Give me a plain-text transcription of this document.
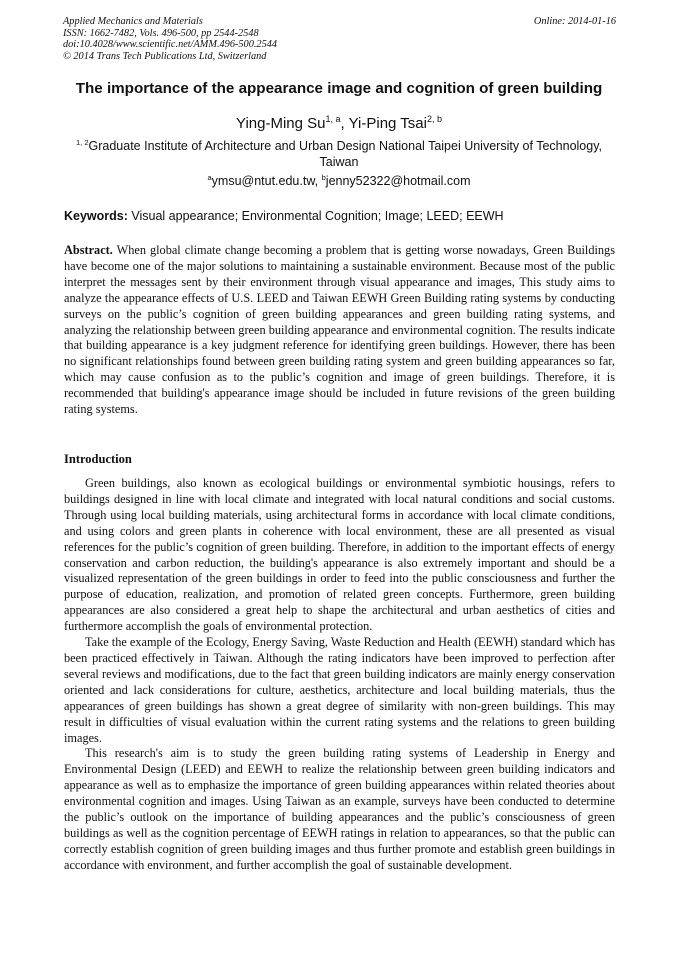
Applied Mechanics and Materials
ISSN: 1662-7482, Vols. 496-500, pp 2544-2548
doi:10.4028/www.scientific.net/AMM.496-500.2544
© 2014 Trans Tech Publications Ltd, Switzerland
Online: 2014-01-16
The importance of the appearance image and cognition of green building
Ying-Ming Su$^{1, a}$, Yi-Ping Tsai$^{2, b}$
$^{1, 2}$Graduate Institute of Architecture and Urban Design National Taipei University of Technology, Taiwan
$^a$ymsu@ntut.edu.tw, $^b$jenny52322@hotmail.com
Keywords: Visual appearance; Environmental Cognition; Image; LEED; EEWH
Abstract. When global climate change becoming a problem that is getting worse nowadays, Green Buildings have become one of the major solutions to maintaining a sustainable environment. Because most of the public interpret the messages sent by their environment through visual appearance and images, This study aims to analyze the appearance effects of U.S. LEED and Taiwan EEWH Green Building rating systems by conducting surveys on the public’s cognition of green building appearances and green building rating systems, and analyzing the relationship between green building appearance and environmental cognition. The results indicate that building appearance is a key judgment reference for identifying green buildings. However, there has been no significant relationships found between green building rating system and green building appearances so far, which may cause confusion as to the public’s cognition and image of green buildings. Therefore, it is recommended that building's appearance image should be included in future revisions of the green building rating systems.
Introduction

Green buildings, also known as ecological buildings or environmental symbiotic housings, refers to buildings designed in line with local climate and integrated with local natural conditions and social customs. Through using local building materials, using architectural forms in accordance with local climate conditions, and using colors and green plants in coherence with local environment, these are all presented as visual references for the public’s cognition of green building. Therefore, in addition to the important effects of energy conservation and carbon reduction, the building's appearance is also extremely important and should be a visualized representation of the green buildings in order to feed into the public consciousness and further the purpose of education, realization, and promotion of related green concepts. Furthermore, green building appearances are also considered a great help to shape the architectural and urban aesthetics of cities and furthermore accomplish the goals of environmental protection.

Take the example of the Ecology, Energy Saving, Waste Reduction and Health (EEWH) standard which has been practiced effectively in Taiwan. Although the rating indicators have been improved to perfection after several reviews and modifications, due to the fact that green building indicators are mainly energy conservation oriented and lack considerations for culture, aesthetics, architecture and local building materials, thus the appearances of green buildings has shown a great degree of similarity with non-green buildings. This may result in difficulties of visual evaluation within the current rating systems and the relations to green building images.

This research's aim is to study the green building rating systems of Leadership in Energy and Environmental Design (LEED) and EEWH to realize the relationship between green building indicators and appearance as well as to emphasize the importance of green building appearances within related theories about environmental cognition and images. Using Taiwan as an example, surveys have been conducted to determine the public’s outlook on the importance of building appearances and the public’s consciousness of green buildings as well as the cognition percentage of EEWH ratings in relation to appearances, so that the public can correctly establish cognition of green building images and thus further promote and establish green buildings in accordance with environment, and further accomplish the goal of sustainable development.
